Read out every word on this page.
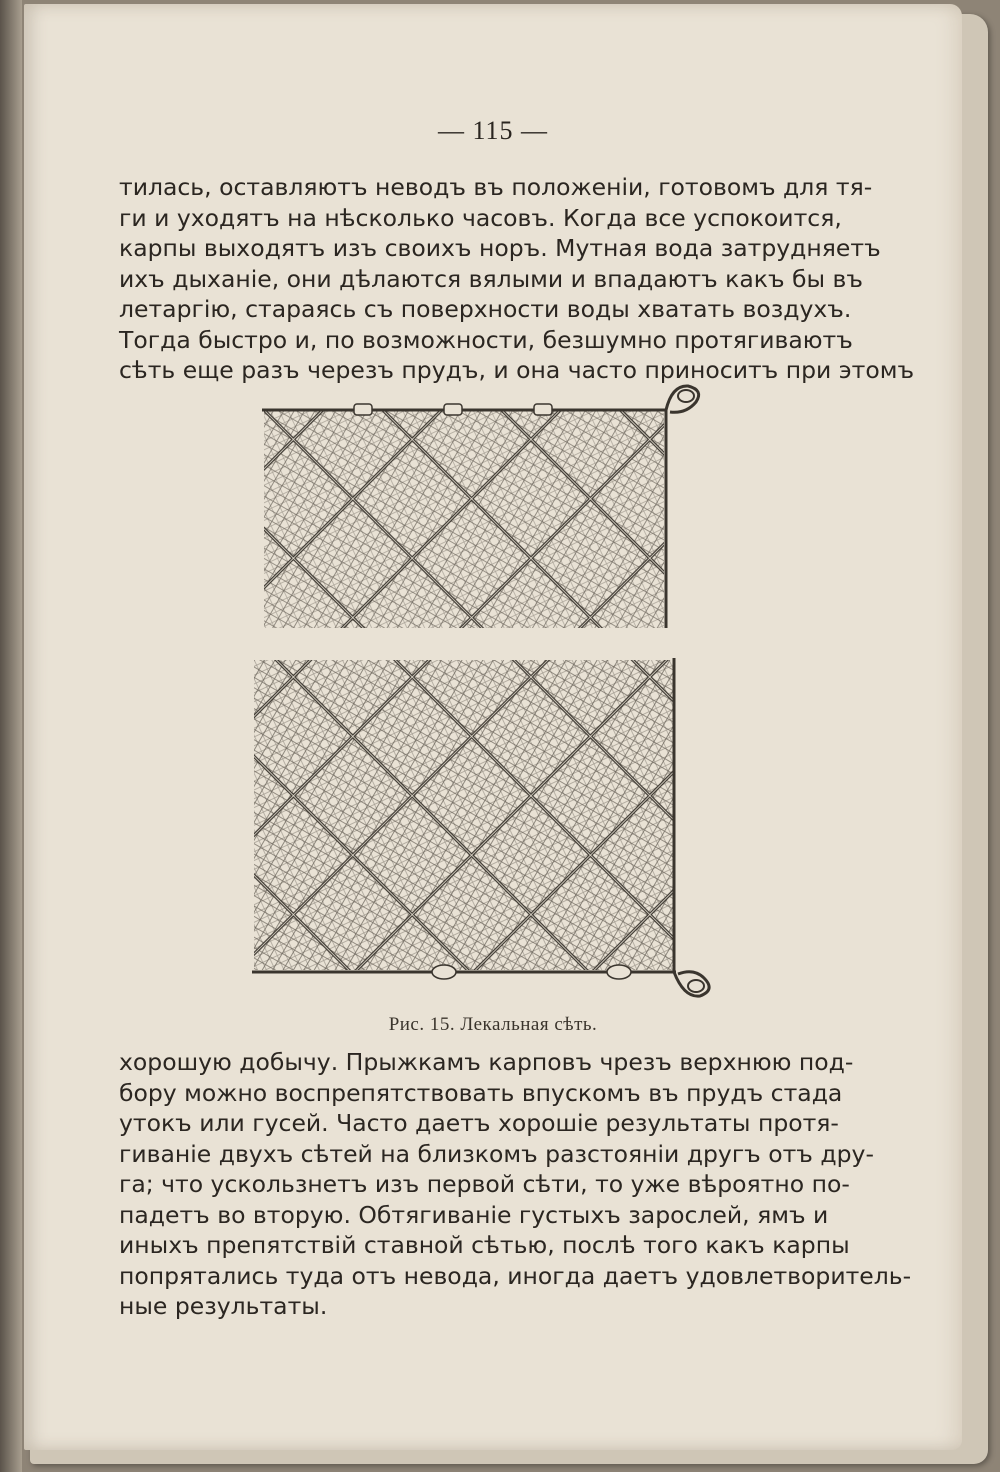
— 115 —
тилась, оставляютъ неводъ въ положенiи, готовомъ для тя-
ги и уходятъ на нѣсколько часовъ. Когда все успокоится,
карпы выходятъ изъ своихъ норъ. Мутная вода затрудняетъ
ихъ дыханiе, они дѣлаются вялыми и впадаютъ какъ бы въ
летаргiю, стараясь съ поверхности воды хватать воздухъ.
Тогда быстро и, по возможности, безшумно протягиваютъ
сѣть еще разъ черезъ прудъ, и она часто приноситъ при этомъ
Рис. 15. Лекальная сѣть.
хорошую добычу. Прыжкамъ карповъ чрезъ верхнюю под-
бору можно воспрепятствовать впускомъ въ прудъ стада
утокъ или гусей. Часто даетъ хорошiе результаты протя-
гиванiе двухъ сѣтей на близкомъ разстоянiи другъ отъ дру-
га; что ускользнетъ изъ первой сѣти, то уже вѣроятно по-
падетъ во вторую. Обтягиванiе густыхъ зарослей, ямъ и
иныхъ препятствiй ставной сѣтью, послѣ того какъ карпы
попрятались туда отъ невода, иногда даетъ удовлетворитель-
ные результаты.
